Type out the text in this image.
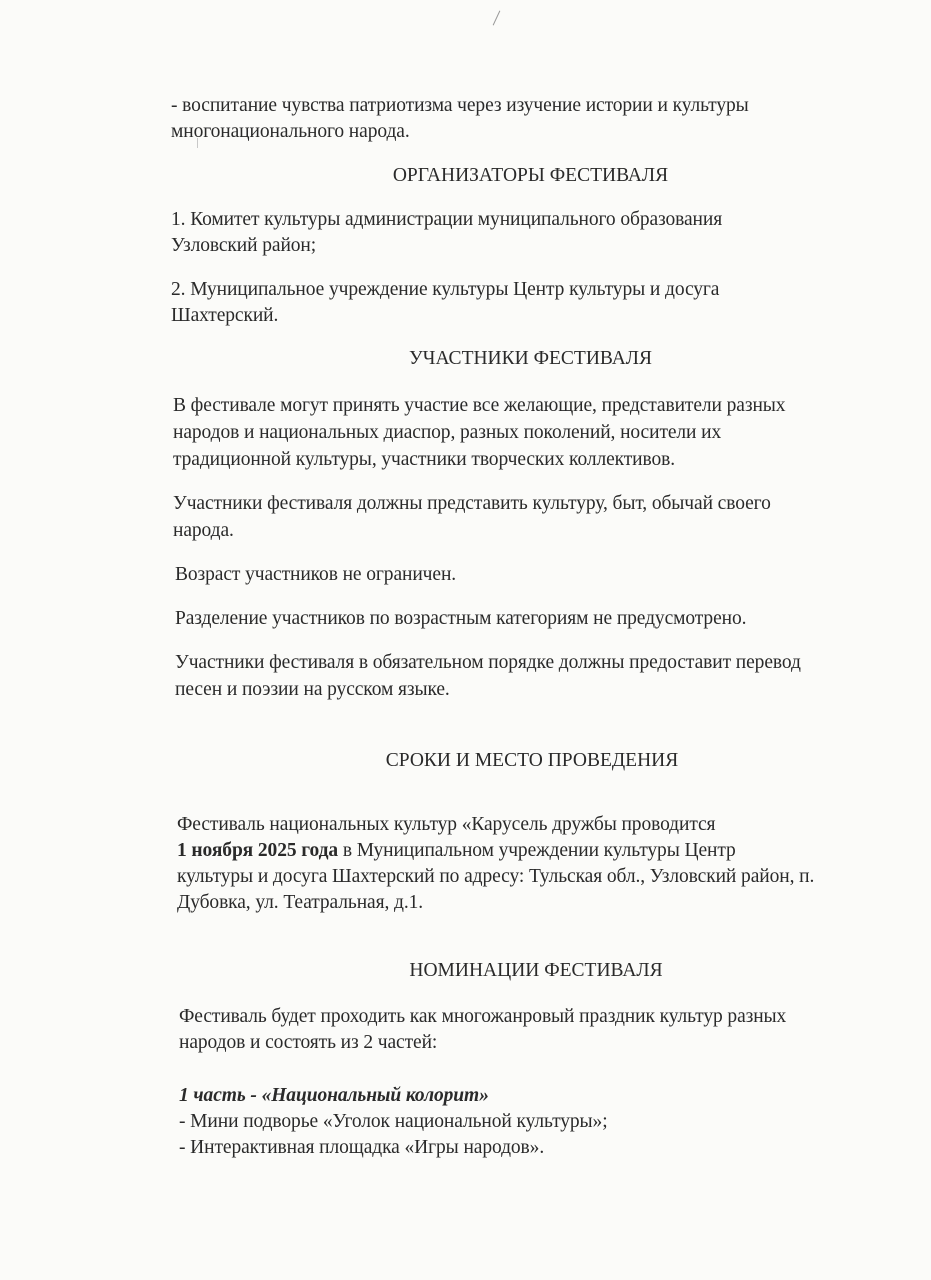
- воспитание чувства патриотизма через изучение истории и культуры
многонационального народа.
ОРГАНИЗАТОРЫ ФЕСТИВАЛЯ
1. Комитет культуры администрации муниципального образования
Узловский район;
2. Муниципальное учреждение культуры Центр культуры и досуга
Шахтерский.
УЧАСТНИКИ ФЕСТИВАЛЯ
В фестивале могут принять участие все желающие, представители разных
народов и национальных диаспор, разных поколений, носители их
традиционной культуры, участники творческих коллективов.
Участники фестиваля должны представить культуру, быт, обычай своего
народа.
Возраст участников не ограничен.
Разделение участников по возрастным категориям не предусмотрено.
Участники фестиваля в обязательном порядке должны предоставит перевод
песен и поэзии на русском языке.
СРОКИ И МЕСТО ПРОВЕДЕНИЯ
Фестиваль национальных культур «Карусель дружбы проводится
1 ноября 2025 года в Муниципальном учреждении культуры Центр
культуры и досуга Шахтерский по адресу: Тульская обл., Узловский район, п.
Дубовка, ул. Театральная, д.1.
НОМИНАЦИИ ФЕСТИВАЛЯ
Фестиваль будет проходить как многожанровый праздник культур разных
народов и состоять из 2 частей:
1 часть - «Национальный колорит»
- Мини подворье «Уголок национальной культуры»;
- Интерактивная площадка «Игры народов».
